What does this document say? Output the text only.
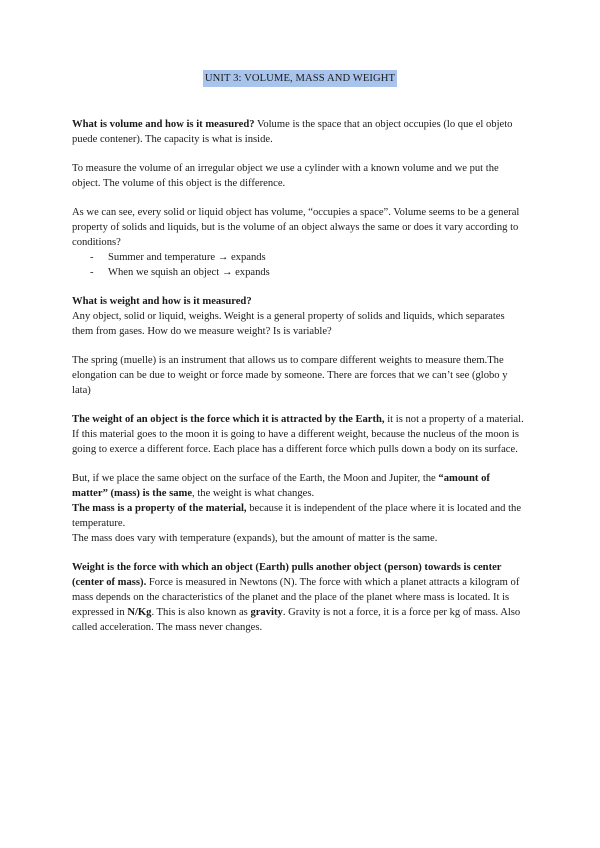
UNIT 3: VOLUME, MASS AND WEIGHT

What is volume and how is it measured? Volume is the space that an object occupies (lo que el objeto puede contener). The capacity is what is inside.

To measure the volume of an irregular object we use a cylinder with a known volume and we put the object. The volume of this object is the difference.

As we can see, every solid or liquid object has volume, “occupies a space”. Volume seems to be a general property of solids and liquids, but is the volume of an object always the same or does it vary according to conditions?

- Summer and temperature → expands
- When we squish an object → expands

What is weight and how is it measured?
Any object, solid or liquid, weighs. Weight is a general property of solids and liquids, which separates them from gases. How do we measure weight? Is is variable?

The spring (muelle) is an instrument that allows us to compare different weights to measure them.The elongation can be due to weight or force made by someone. There are forces that we can’t see (globo y lata)

The weight of an object is the force which it is attracted by the Earth, it is not a property of a material. If this material goes to the moon it is going to have a different weight, because the nucleus of the moon is going to exerce a different force. Each place has a different force which pulls down a body on its surface.

But, if we place the same object on the surface of the Earth, the Moon and Jupiter, the “amount of matter” (mass) is the same, the weight is what changes.
The mass is a property of the material, because it is independent of the place where it is located and the temperature.
The mass does vary with temperature (expands), but the amount of matter is the same.

Weight is the force with which an object (Earth) pulls another object (person) towards is center (center of mass). Force is measured in Newtons (N). The force with which a planet attracts a kilogram of mass depends on the characteristics of the planet and the place of the planet where mass is located. It is expressed in N/Kg. This is also known as gravity. Gravity is not a force, it is a force per kg of mass. Also called acceleration. The mass never changes.
